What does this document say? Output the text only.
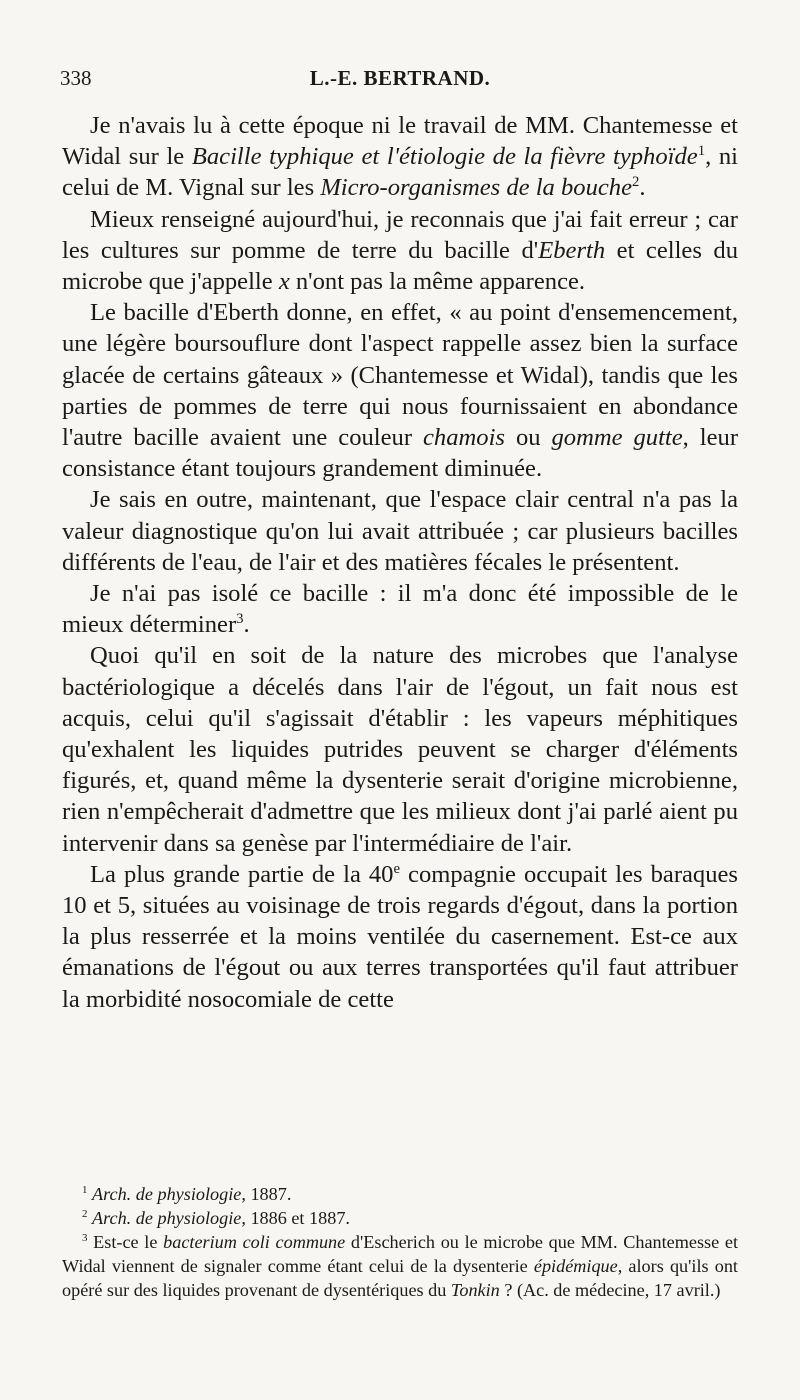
338	L.-E. BERTRAND.

Je n'avais lu à cette époque ni le travail de MM. Chantemesse et Widal sur le Bacille typhique et l'étiologie de la fièvre typhoïde$^1$, ni celui de M. Vignal sur les Micro-organismes de la bouche$^2$.

Mieux renseigné aujourd'hui, je reconnais que j'ai fait erreur ; car les cultures sur pomme de terre du bacille d'Eberth et celles du microbe que j'appelle x n'ont pas la même apparence.

Le bacille d'Eberth donne, en effet, « au point d'ensemencement, une légère boursouflure dont l'aspect rappelle assez bien la surface glacée de certains gâteaux » (Chantemesse et Widal), tandis que les parties de pommes de terre qui nous fournissaient en abondance l'autre bacille avaient une couleur chamois ou gomme gutte, leur consistance étant toujours grandement diminuée.

Je sais en outre, maintenant, que l'espace clair central n'a pas la valeur diagnostique qu'on lui avait attribuée ; car plusieurs bacilles différents de l'eau, de l'air et des matières fécales le présentent.

Je n'ai pas isolé ce bacille : il m'a donc été impossible de le mieux déterminer$^3$.

Quoi qu'il en soit de la nature des microbes que l'analyse bactériologique a décelés dans l'air de l'égout, un fait nous est acquis, celui qu'il s'agissait d'établir : les vapeurs méphitiques qu'exhalent les liquides putrides peuvent se charger d'éléments figurés, et, quand même la dysenterie serait d'origine microbienne, rien n'empêcherait d'admettre que les milieux dont j'ai parlé aient pu intervenir dans sa genèse par l'intermédiaire de l'air.

La plus grande partie de la 40e compagnie occupait les baraques 10 et 5, situées au voisinage de trois regards d'égout, dans la portion la plus resserrée et la moins ventilée du casernement. Est-ce aux émanations de l'égout ou aux terres transportées qu'il faut attribuer la morbidité nosocomiale de cette

$^1$ Arch. de physiologie, 1887.

$^2$ Arch. de physiologie, 1886 et 1887.

$^3$ Est-ce le bacterium coli commune d'Escherich ou le microbe que MM. Chantemesse et Widal viennent de signaler comme étant celui de la dysenterie épidémique, alors qu'ils ont opéré sur des liquides provenant de dysentériques du Tonkin ? (Ac. de médecine, 17 avril.)
